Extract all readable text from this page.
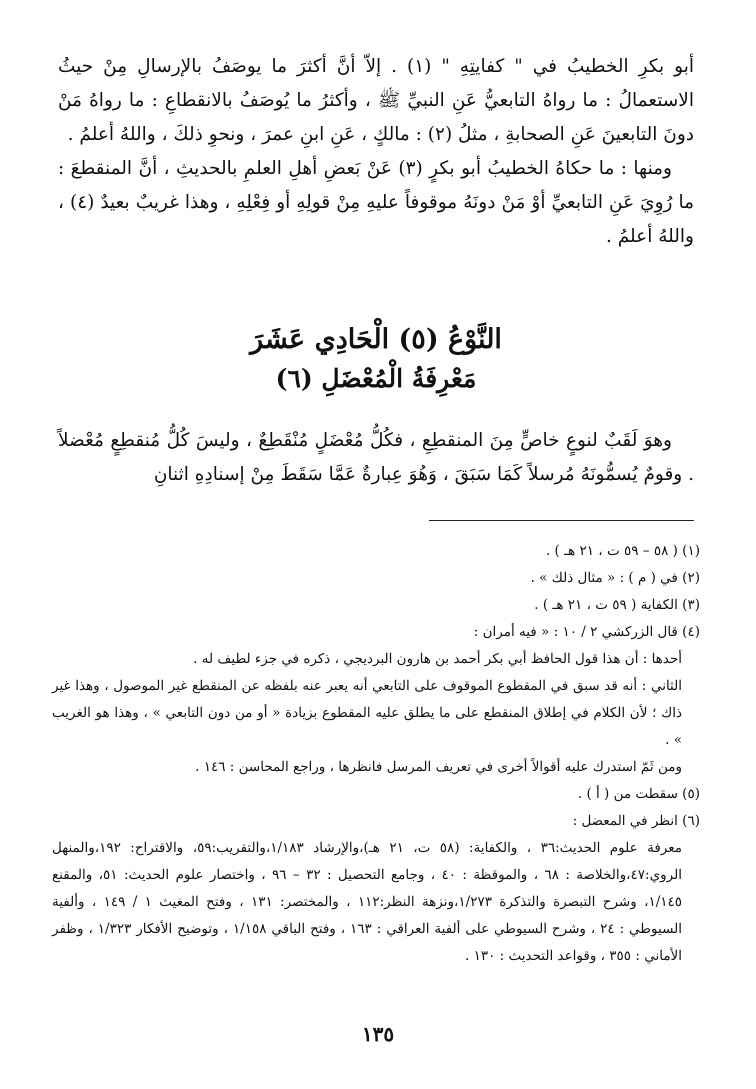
أبو بكرِ الخطيبُ في " كفايتِهِ " (١) . إلاّ أنَّ أكثرَ ما يوصَفُ بالإرسالِ مِنْ حيثُ الاستعمالُ : ما رواهُ التابعيُّ عَنِ النبيِّ ﷺ ، وأكثرُ ما يُوصَفُ بالانقطاعِ : ما رواهُ مَنْ دونَ التابعينَ عَنِ الصحابةِ ، مثلُ (٢) : مالكٍ ، عَنِ ابنِ عمرَ ، ونحوِ ذلكَ ، واللهُ أعلمُ .

ومنها : ما حكاهُ الخطيبُ أبو بكرٍ (٣) عَنْ بَعضِ أهلِ العلمِ بالحديثِ ، أنَّ المنقطعَ : ما رُوِيَ عَنِ التابعيِّ أوْ مَنْ دونَهُ موقوفاً عليهِ مِنْ قولِهِ أو فِعْلِهِ ، وهذا غريبٌ بعيدٌ (٤) ، واللهُ أعلمُ .

النَّوْعُ (٥) الْحَادِي عَشَرَ

مَعْرِفَةُ الْمُعْضَلِ (٦)

وهوَ لَقَبٌ لنوعٍ خاصٍّ مِنَ المنقطِعِ ، فكُلُّ مُعْضَلٍ مُنْقَطِعٌ ، وليسَ كُلُّ مُنقطِعٍ مُعْضلاً . وقومٌ يُسمُّونَهُ مُرسلاً كَمَا سَبَقَ ، وَهُوَ عِبارةٌ عَمَّا سَقَطَ مِنْ إسنادِهِ اثنانِ

(١) ( ٥٨ – ٥٩ ت ، ٢١ هـ ) .

(٢) في ( م ) : « مثال ذلك » .

(٣) الكفاية ( ٥٩ ت ، ٢١ هـ ) .

(٤) قال الزركشي ٢ / ١٠ : « فيه أمران :

أحدها : أن هذا قول الحافظ أبي بكر أحمد بن هارون البرديجي ، ذكره في جزء لطيف له .

الثاني : أنه قد سبق في المقطوع الموقوف على التابعي أنه يعبر عنه بلفظه عن المنقطع غير الموصول ، وهذا غير ذاك ؛ لأن الكلام في إطلاق المنقطع على ما يطلق عليه المقطوع بزيادة « أو من دون التابعي » ، وهذا هو الغريب » .

ومن ثَمّ استدرك عليه أقوالاً أخرى في تعريف المرسل فانظرها ، وراجع المحاسن : ١٤٦ .

(٥) سقطت من ( أ ) .

(٦) انظر في المعضل :

معرفة علوم الحديث:٣٦ ، والكفاية: (٥٨ ت، ٢١ هـ)،والإرشاد ١/١٨٣،والتقريب:٥٩، والاقتراح: ١٩٢،والمنهل الروي:٤٧،والخلاصة : ٦٨ ، والموقظة : ٤٠ ، وجامع التحصيل : ٣٢ – ٩٦ ، واختصار علوم الحديث: ٥١، والمقنع ١/١٤٥، وشرح التبصرة والتذكرة ١/٢٧٣،ونزهة النظر:١١٢ ، والمختصر: ١٣١ ، وفتح المغيث ١ / ١٤٩ ، وألفية السيوطي : ٢٤ ، وشرح السيوطي على ألفية العراقي : ١٦٣ ، وفتح الباقي ١/١٥٨ ، وتوضيح الأفكار ١/٣٢٣ ، وظفر الأماني : ٣٥٥ ، وقواعد التحديث : ١٣٠ .

١٣٥
